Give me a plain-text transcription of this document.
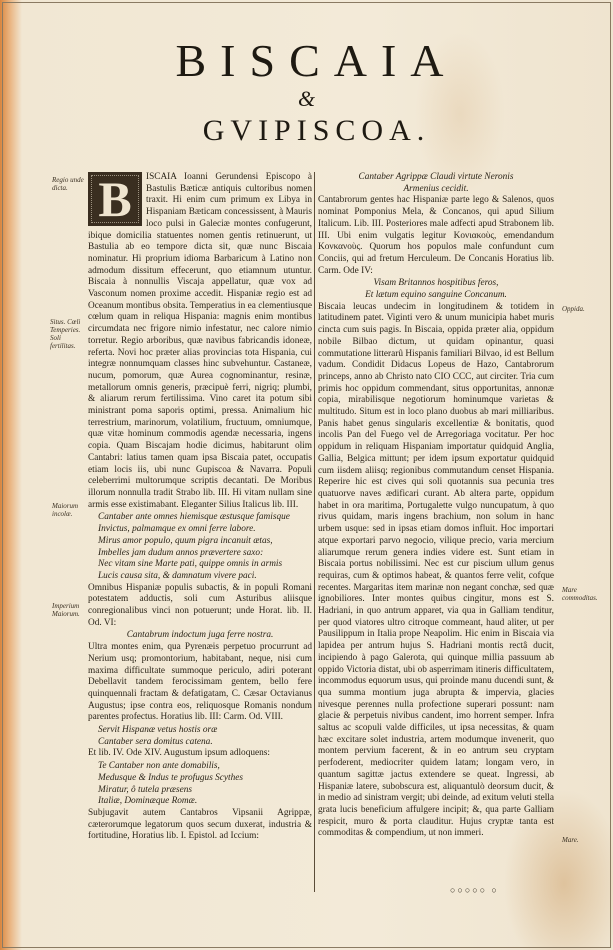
BISCAIA
&
GVIPISCOA.
Regio unde dicta.
Situs. Cœli Temperies. Soli fertilitas.
Maiorum incolæ.
Imperium Maiorum.
Oppida.
Mare commoditas.
Mare.
B	ISCAIA Ioanni Gerundensi Episcopo à Bastulis Bæticæ antiquis cultoribus nomen traxit. Hi enim cum primum ex Libya in Hispaniam Bæticam concessissent, à Mauris loco pulsi in Galeciæ montes confugerunt, ibique domicilia statuentes nomen gentis retinuerunt, ut Bastulia ab eo tempore dicta sit, quæ nunc Biscaia nominatur. Hi proprium idioma Barbaricum à Latino non admodum dissitum effecerunt, quo etiamnum utuntur. Biscaia à nonnullis Viscaja appellatur, quæ vox ad Vasconum nomen proxime accedit. Hispaniæ regio est ad Oceanum montibus obsita. Temperatius in ea clementiusque cœlum quam in reliqua Hispania: magnis enim montibus circumdata nec frigore nimio infestatur, nec calore nimio torretur. Regio arboribus, quæ navibus fabricandis idoneæ, referta. Novi hoc præter alias provincias tota Hispania, cui integræ nonnumquam classes hinc subvehuntur. Castaneæ, nucum, pomorum, quæ Aurea cognominantur, resinæ, metallorum omnis generis, præcipuè ferri, nigriq; plumbi, & aliarum rerum fertilissima. Vino caret ita potum sibi ministrant poma saporis optimi, pressa. Animalium hic terrestrium, marinorum, volatilium, fructuum, omniumque, quæ vitæ hominum commodis agendæ necessaria, ingens copia. Quam Biscajam hodie dicimus, habitarunt olim Cantabri: latius tamen quam ipsa Biscaia patet, occupatis etiam locis iis, ubi nunc Gupiscoa & Navarra. Populi celeberrimi multorumque scriptis decantati. De Moribus illorum nonnulla tradit Strabo lib. III. Hi vitam nullam sine armis esse existimabant. Eleganter Silius Italicus lib. III.

Cantaber ante omnes hiemisque æstusque famisque

Invictus, palmamque ex omni ferre labore.

Mirus amor populo, quum pigra incanuit ætas,

Imbelles jam dudum annos prævertere saxo:

Nec vitam sine Marte pati, quippe omnis in armis

Lucis causa sita, & damnatum vivere paci.

Omnibus Hispaniæ populis subactis, & in populi Romani potestatem adductis, soli cum Asturibus aliisque conregionalibus vinci non potuerunt; unde Horat. lib. II. Od. VI:

Cantabrum indoctum juga ferre nostra.

Ultra montes enim, qua Pyrenæis perpetuo procurrunt ad Nerium usq; promontorium, habitabant, neque, nisi cum maxima difficultate summoque periculo, adiri poterant Debellavit tandem ferocissimam gentem, bello fere quinquennali fractam & defatigatam, C. Cæsar Octavianus Augustus; ipse contra eos, reliquosque Romanis nondum parentes profectus. Horatius lib. III: Carm. Od. VIII.

Servit Hispanæ vetus hostis oræ

Cantaber sera domitus catena.

Et lib. IV. Ode XIV. Augustum ipsum adloquens:

Te Cantaber non ante domabilis,

Medusque & Indus te profugus Scythes

Miratur, ô tutela præsens

Italiæ, Dominæque Romæ.

Subjugavit autem Cantabros Vipsanii Agrippæ, cæterorumque legatorum quos secum duxerat, industria & fortitudine, Horatius lib. I. Epistol. ad Iccium:

Cantaber Agrippæ Claudi virtute Neronis

Armenius cecidit.

Cantabrorum gentes hac Hispaniæ parte lego & Salenos, quos nominat Pomponius Mela, & Concanos, qui apud Silium Italicum. Lib. III. Posteriores male adfecti apud Strabonem lib. III. Ubi enim vulgatis legitur Κονιακοὺς, emendandum Κονκανοὺς. Quorum hos populos male confundunt cum Conciis, qui ad fretum Herculeum. De Concanis Horatius lib. Carm. Ode IV:

Visam Britannos hospitibus feros,

Et lætum equino sanguine Concanum.

Biscaia leucas undecim in longitudinem & totidem in latitudinem patet. Viginti vero & unum municipia habet muris cincta cum suis pagis. In Biscaia, oppida præter alia, oppidum nobile Bilbao dictum, ut quidam opinantur, quasi commutatione litterarû Hispanis familiari Bilvao, id est Bellum vadum. Condidit Didacus Lopeus de Hazo, Cantabrorum princeps, anno ab Christo nato CIO CCC, aut circiter. Tria cum primis hoc oppidum commendant, situs opportunitas, annonæ copia, mirabilisque negotiorum hominumque varietas & multitudo. Situm est in loco plano duobus ab mari milliaribus. Panis habet genus singularis excellentiæ & bonitatis, quod incolis Pan del Fuego vel de Arregoriaga vocitatur. Per hoc oppidum in reliquam Hispaniam importatur quidquid Anglia, Gallia, Belgica mittunt; per idem ipsum exportatur quidquid cum iisdem aliisq; regionibus commutandum censet Hispania. Reperire hic est cives qui soli quotannis sua pecunia tres quatuorve naves ædificari curant. Ab altera parte, oppidum habet in ora maritima, Portugalette vulgo nuncupatum, à quo rivus quidam, maris ingens brachium, non solum in hanc urbem usque: sed in ipsas etiam domos influit. Hoc importari atque exportari parvo negocio, vilique precio, varia mercium aliarumque rerum genera indies videre est. Sunt etiam in Biscaia portus nobilissimi. Nec est cur piscium ullum genus requiras, cum & optimos habeat, & quantos ferre velit, cofque recentes. Margaritas item marinæ non negant conchæ, sed quæ ignobiliores. Inter montes quibus cingitur, mons est S. Hadriani, in quo antrum apparet, via qua in Galliam tenditur, per quod viatores ultro citroque commeant, haud aliter, ut per Pausilippum in Italia prope Neapolim. Hic enim in Biscaia via lapidea per antrum hujus S. Hadriani montis rectâ ducit, incipiendo à pago Galerota, qui quinque millia passuum ab oppido Victoria distat, ubi ob asperrimam itineris difficultatem, incommodus equorum usus, qui proinde manu ducendi sunt, & qua summa montium juga abrupta & impervia, glacies nivesque perennes nulla profectione superari possunt: nam glacie & perpetuis nivibus candent, imo horrent semper. Infra saltus ac scopuli valde difficiles, ut ipsa necessitas, & quam hæc excitare solet industria, artem modumque invenerit, quo montem pervium facerent, & in eo antrum seu cryptam perfoderent, mediocriter quidem latam; longam vero, in quantum sagittæ jactus extendere se queat. Ingressi, ab Hispaniæ latere, subobscura est, aliquantulò deorsum ducit, & in medio ad sinistram vergit; ubi deinde, ad exitum veluti stella grata lucis beneficium affulgere incipit; &, qua parte Galliam respicit, muro & porta clauditur. Hujus cryptæ tanta est commoditas & compendium, ut non immeri.

○○○○○ ○
